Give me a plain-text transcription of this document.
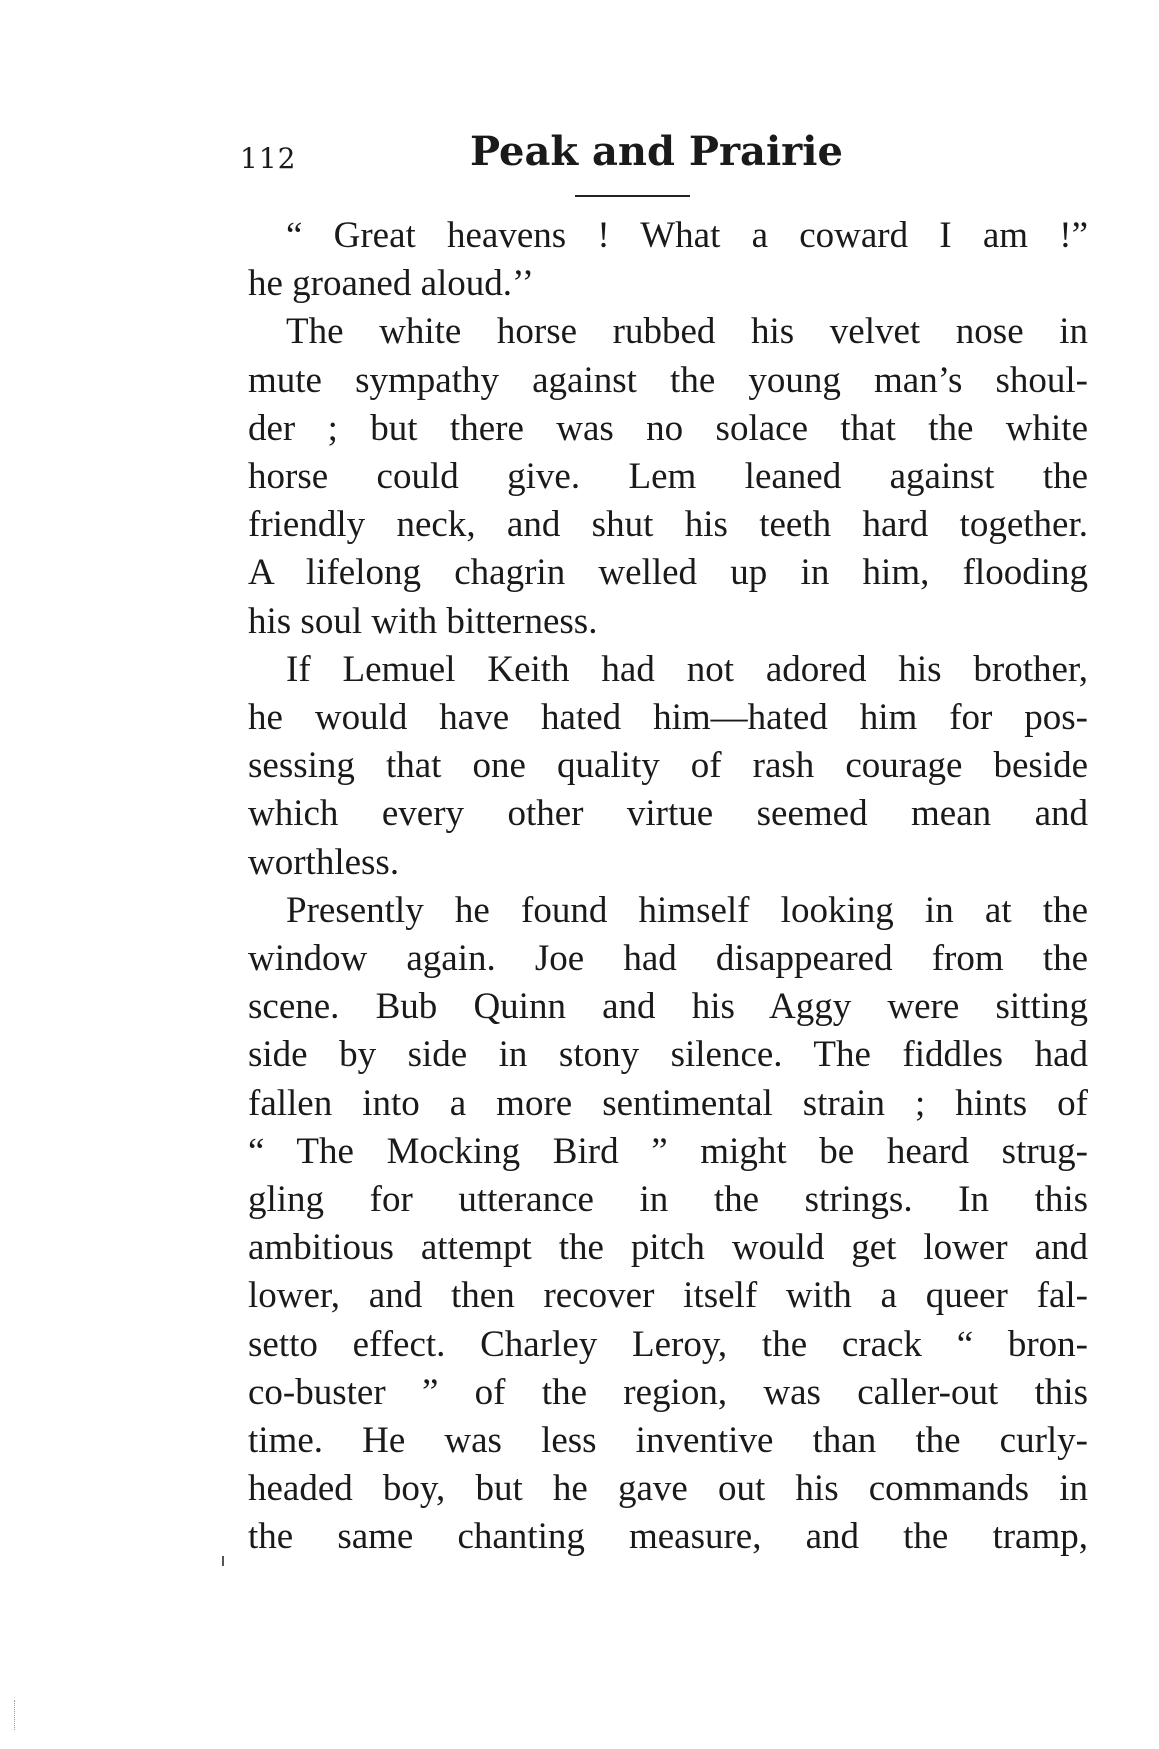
112	Peak and Prairie
“ Great heavens ! What a coward I am !”
he groaned aloud.’’
The white horse rubbed his velvet nose in
mute sympathy against the young man’s shoul-
der ; but there was no solace that the white
horse could give. Lem leaned against the
friendly neck, and shut his teeth hard together.
A lifelong chagrin welled up in him, flooding
his soul with bitterness.
If Lemuel Keith had not adored his brother,
he would have hated him—hated him for pos-
sessing that one quality of rash courage beside
which every other virtue seemed mean and
worthless.
Presently he found himself looking in at the
window again. Joe had disappeared from the
scene. Bub Quinn and his Aggy were sitting
side by side in stony silence. The fiddles had
fallen into a more sentimental strain ; hints of
“ The Mocking Bird ” might be heard strug-
gling for utterance in the strings. In this
ambitious attempt the pitch would get lower and
lower, and then recover itself with a queer fal-
setto effect. Charley Leroy, the crack “ bron-
co-buster ” of the region, was caller-out this
time. He was less inventive than the curly-
headed boy, but he gave out his commands in
the same chanting measure, and the tramp,
